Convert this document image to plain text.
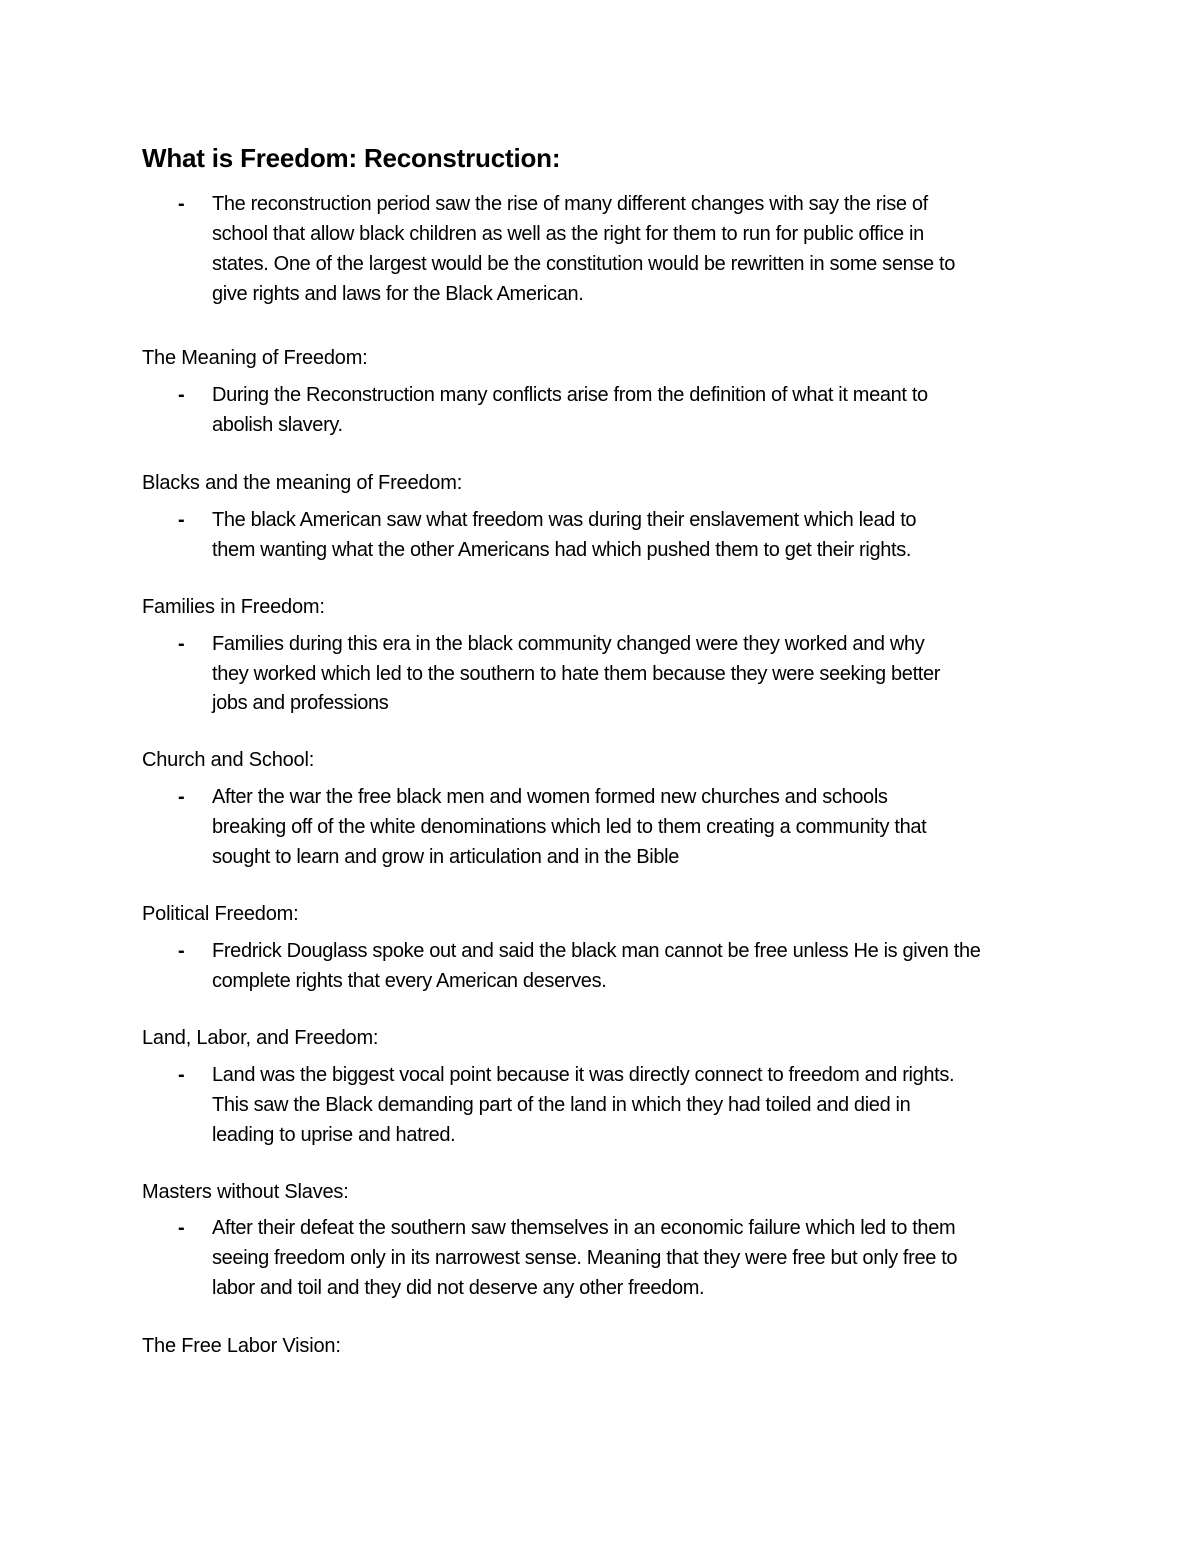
What is Freedom: Reconstruction:
- The reconstruction period saw the rise of many different changes with say the rise of
school that allow black children as well as the right for them to run for public office in
states. One of the largest would be the constitution would be rewritten in some sense to
give rights and laws for the Black American.
The Meaning of Freedom:
- During the Reconstruction many conflicts arise from the definition of what it meant to
abolish slavery.
Blacks and the meaning of Freedom:
- The black American saw what freedom was during their enslavement which lead to
them wanting what the other Americans had which pushed them to get their rights.
Families in Freedom:
- Families during this era in the black community changed were they worked and why
they worked which led to the southern to hate them because they were seeking better
jobs and professions
Church and School:
- After the war the free black men and women formed new churches and schools
breaking off of the white denominations which led to them creating a community that
sought to learn and grow in articulation and in the Bible
Political Freedom:
- Fredrick Douglass spoke out and said the black man cannot be free unless He is given the
complete rights that every American deserves.
Land, Labor, and Freedom:
- Land was the biggest vocal point because it was directly connect to freedom and rights.
This saw the Black demanding part of the land in which they had toiled and died in
leading to uprise and hatred.
Masters without Slaves:
- After their defeat the southern saw themselves in an economic failure which led to them
seeing freedom only in its narrowest sense. Meaning that they were free but only free to
labor and toil and they did not deserve any other freedom.
The Free Labor Vision:
